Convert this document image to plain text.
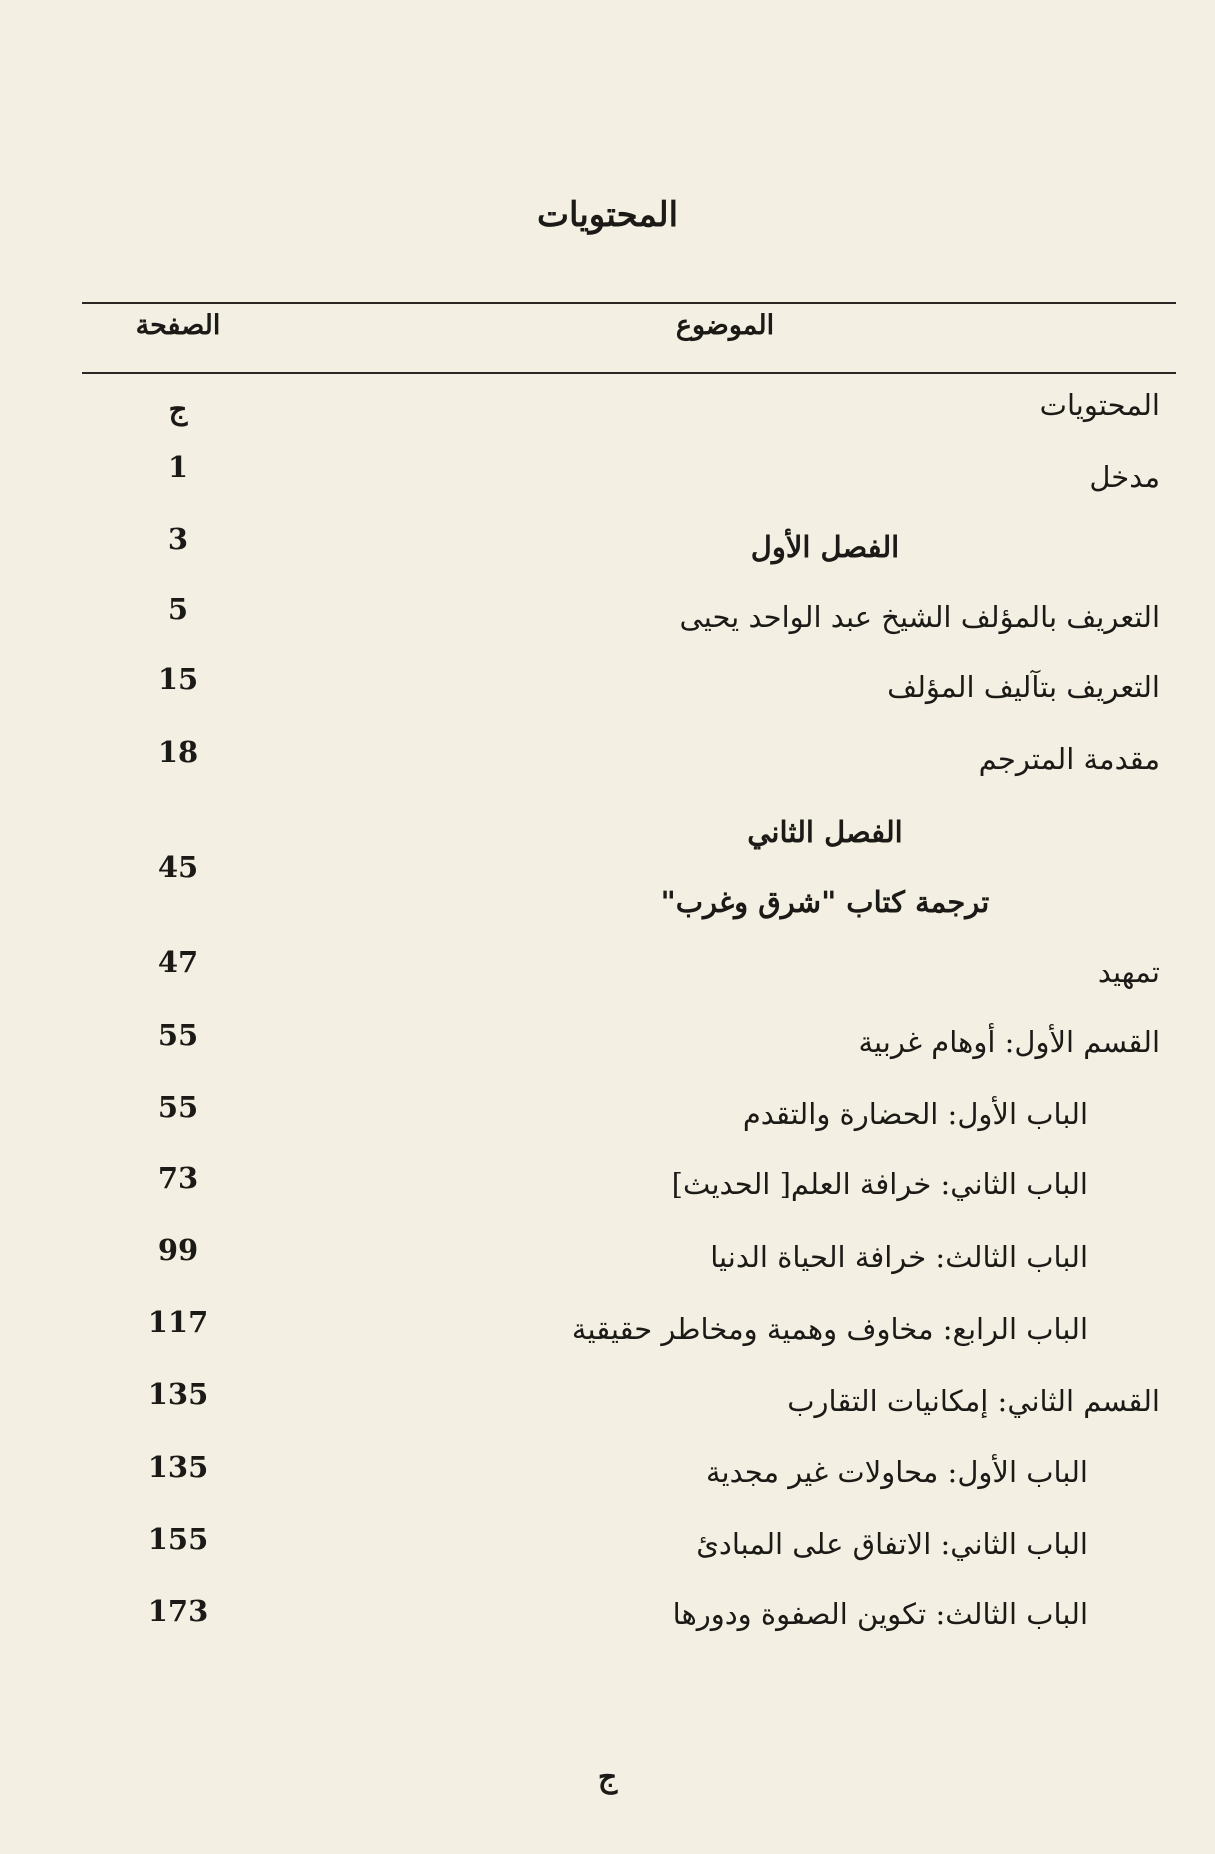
المحتويات
الموضوع
الصفحة
المحتويات
مدخل
الفصل الأول
التعريف بالمؤلف الشيخ عبد الواحد يحيى
التعريف بتآليف المؤلف
مقدمة المترجم
الفصل الثاني
ترجمة كتاب "شرق وغرب"
تمهيد
القسم الأول: أوهام غربية
الباب الأول: الحضارة والتقدم
الباب الثاني: خرافة العلم[ الحديث]
الباب الثالث: خرافة الحياة الدنيا
الباب الرابع: مخاوف وهمية ومخاطر حقيقية
القسم الثاني: إمكانيات التقارب
الباب الأول: محاولات غير مجدية
الباب الثاني: الاتفاق على المبادئ
الباب الثالث: تكوين الصفوة ودورها
ج
1
3
5
15
18
45
47
55
55
73
99
117
135
135
155
173
ج
